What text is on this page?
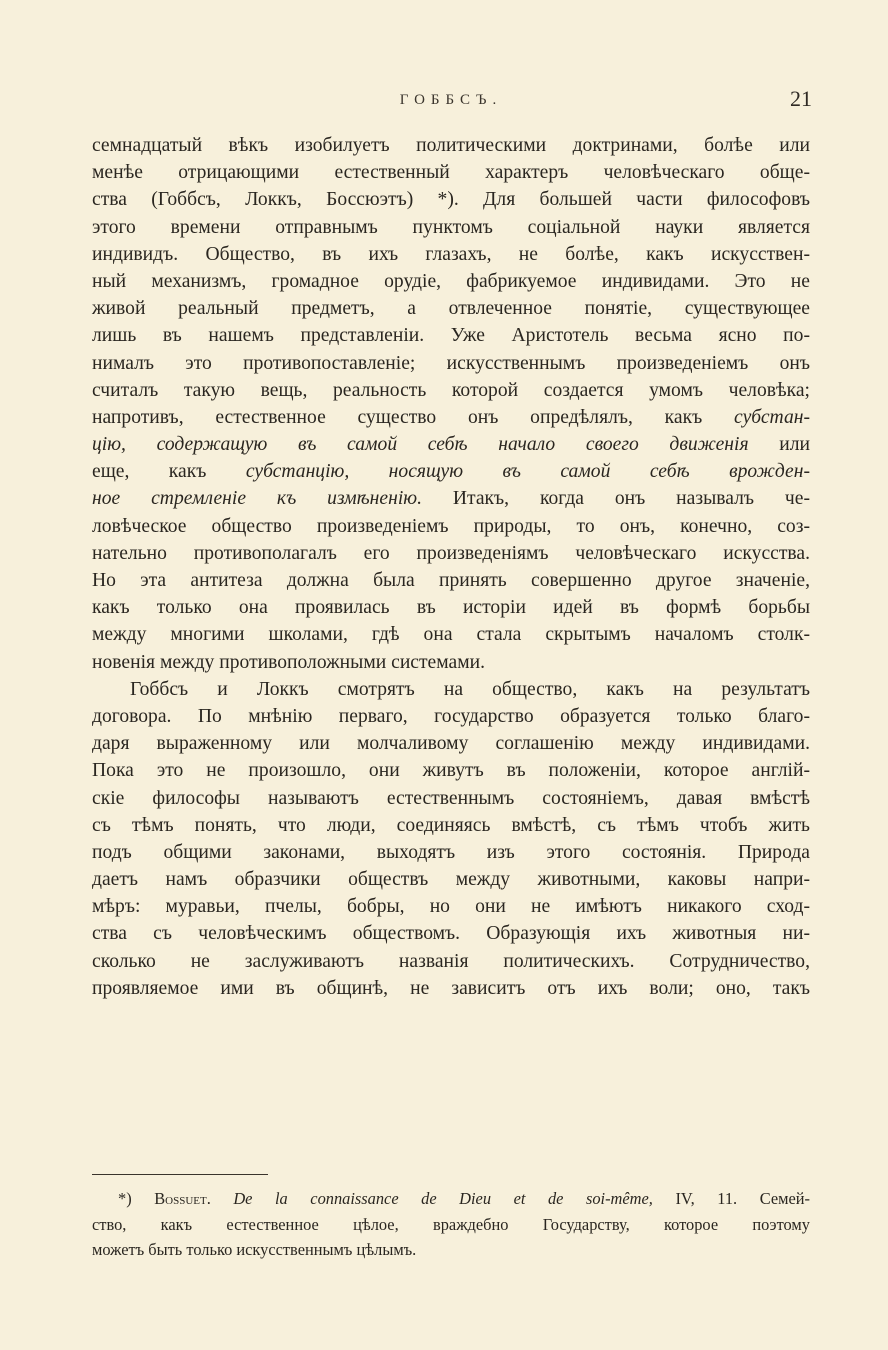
ГОББСЪ.	21

семнадцатый вѣкъ изобилуетъ политическими доктринами, болѣе или
менѣе отрицающими естественный характеръ человѣческаго обще-
ства (Гоббсъ, Локкъ, Боссюэтъ) *). Для большей части философовъ
этого времени отправнымъ пунктомъ соціальной науки является
индивидъ. Общество, въ ихъ глазахъ, не болѣе, какъ искусствен-
ный механизмъ, громадное орудіе, фабрикуемое индивидами. Это не
живой реальный предметъ, а отвлеченное понятіе, существующее
лишь въ нашемъ представленіи. Уже Аристотель весьма ясно по-
нималъ это противопоставленіе; искусственнымъ произведеніемъ онъ
считалъ такую вещь, реальность которой создается умомъ человѣка;
напротивъ, естественное существо онъ опредѣлялъ, какъ субстан-
цію, содержащую въ самой себѣ начало своего движенія или
еще, какъ субстанцію, носящую въ самой себѣ врожден-
ное стремленіе къ измѣненію. Итакъ, когда онъ называлъ че-
ловѣческое общество произведеніемъ природы, то онъ, конечно, соз-
нательно противополагалъ его произведеніямъ человѣческаго искусства.
Но эта антитеза должна была принять совершенно другое значеніе,
какъ только она проявилась въ исторіи идей въ формѣ борьбы
между многими школами, гдѣ она стала скрытымъ началомъ столк-
новенія между противоположными системами.

Гоббсъ и Локкъ смотрятъ на общество, какъ на результатъ
договора. По мнѣнію перваго, государство образуется только благо-
даря выраженному или молчаливому соглашенію между индивидами.
Пока это не произошло, они живутъ въ положеніи, которое англій-
скіе философы называютъ естественнымъ состояніемъ, давая вмѣстѣ
съ тѣмъ понять, что люди, соединяясь вмѣстѣ, съ тѣмъ чтобъ жить
подъ общими законами, выходятъ изъ этого состоянія. Природа
даетъ намъ образчики обществъ между животными, каковы напри-
мѣръ: муравьи, пчелы, бобры, но они не имѣютъ никакого сход-
ства съ человѣческимъ обществомъ. Образующія ихъ животныя ни-
сколько не заслуживаютъ названія политическихъ. Сотрудничество,
проявляемое ими въ общинѣ, не зависитъ отъ ихъ воли; оно, такъ

*) Bossuet. De la connaissance de Dieu et de soi-même, IV, 11. Семей-
ство, какъ естественное цѣлое, враждебно Государству, которое поэтому
можетъ быть только искусственнымъ цѣлымъ.
